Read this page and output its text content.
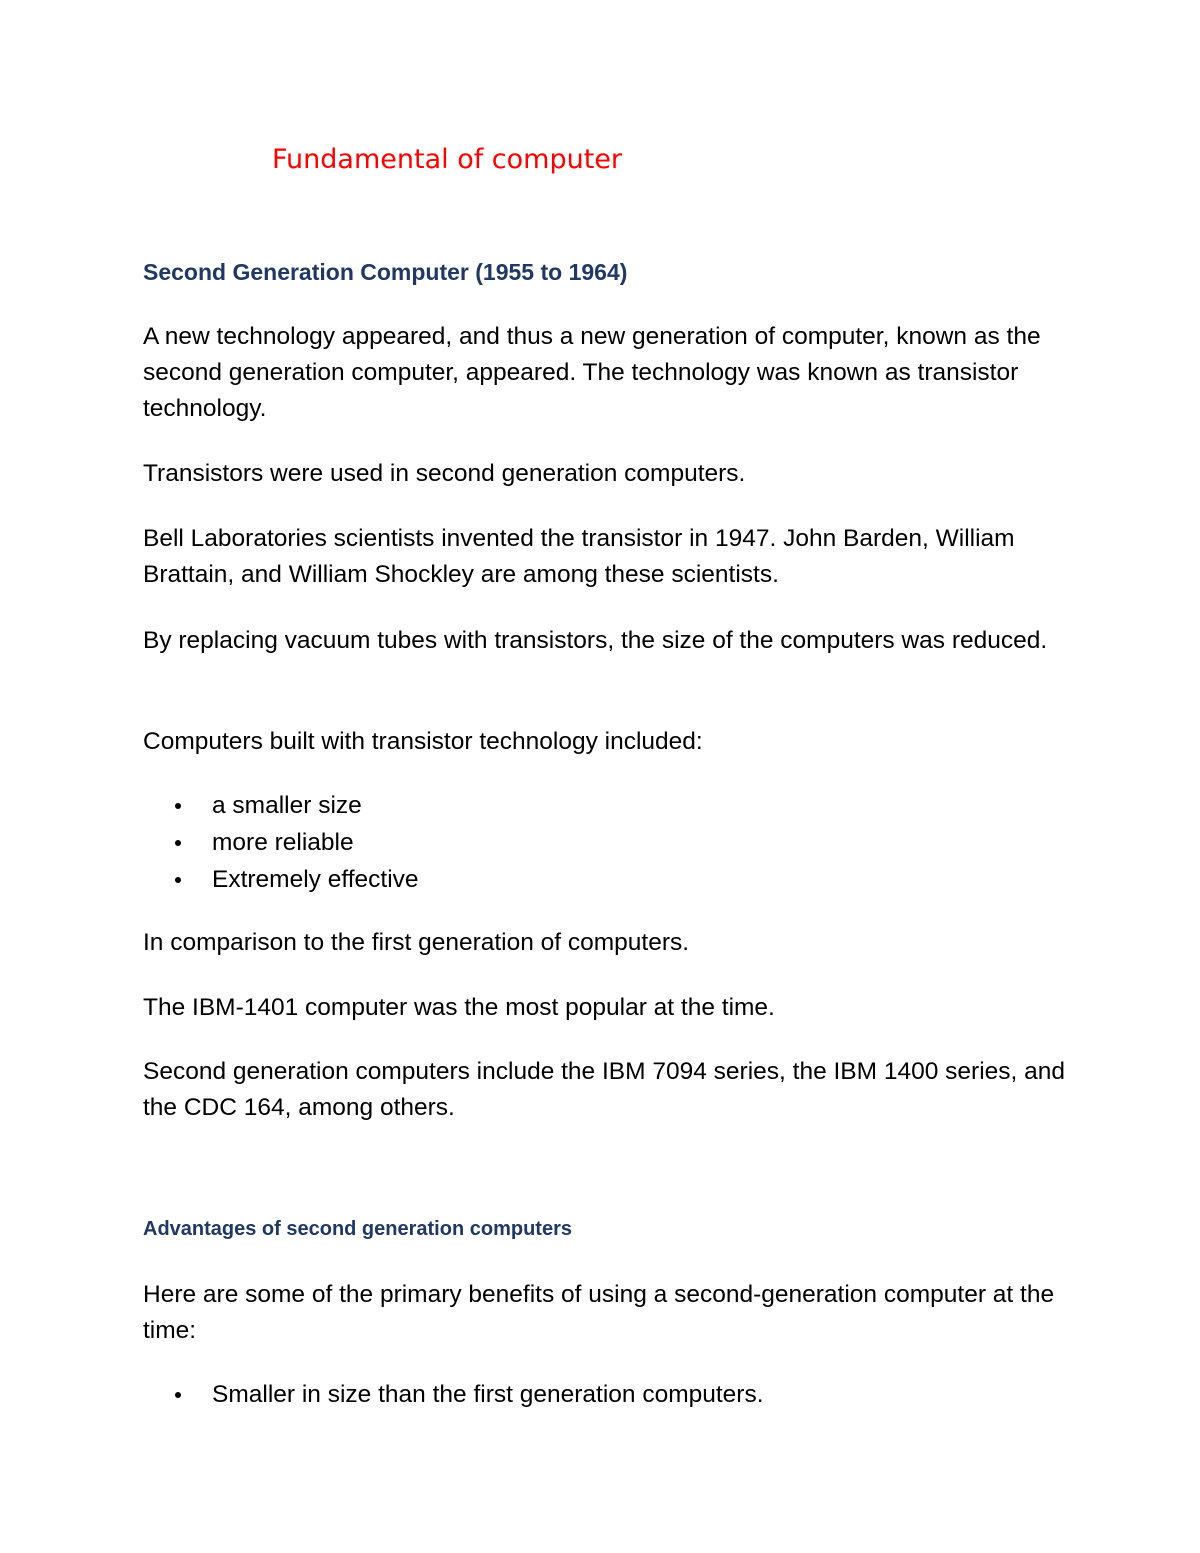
Fundamental of computer
Second Generation Computer (1955 to 1964)

A new technology appeared, and thus a new generation of computer, known as the second generation computer, appeared. The technology was known as transistor technology.

Transistors were used in second generation computers.

Bell Laboratories scientists invented the transistor in 1947. John Barden, William Brattain, and William Shockley are among these scientists.

By replacing vacuum tubes with transistors, the size of the computers was reduced.

Computers built with transistor technology included:

a smaller size
more reliable
Extremely effective

In comparison to the first generation of computers.

The IBM-1401 computer was the most popular at the time.

Second generation computers include the IBM 7094 series, the IBM 1400 series, and the CDC 164, among others.

Advantages of second generation computers

Here are some of the primary benefits of using a second-generation computer at the time:

Smaller in size than the first generation computers.
